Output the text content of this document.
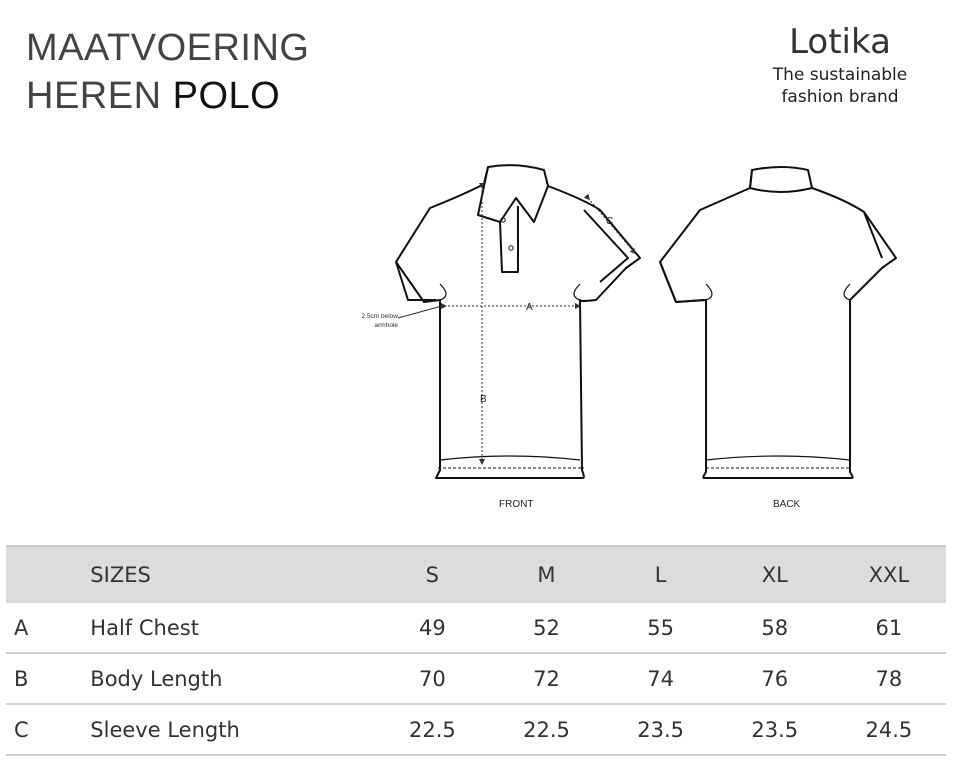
MAATVOERING
HEREN POLO
Lotika
The sustainable
fashion brand
A
B
C
2.5cm below
armhole
FRONT	BACK
	SIZES	S	M	L	XL	XXL
A	Half Chest	49	52	55	58	61
B	Body Length	70	72	74	76	78
C	Sleeve Length	22.5	22.5	23.5	23.5	24.5
